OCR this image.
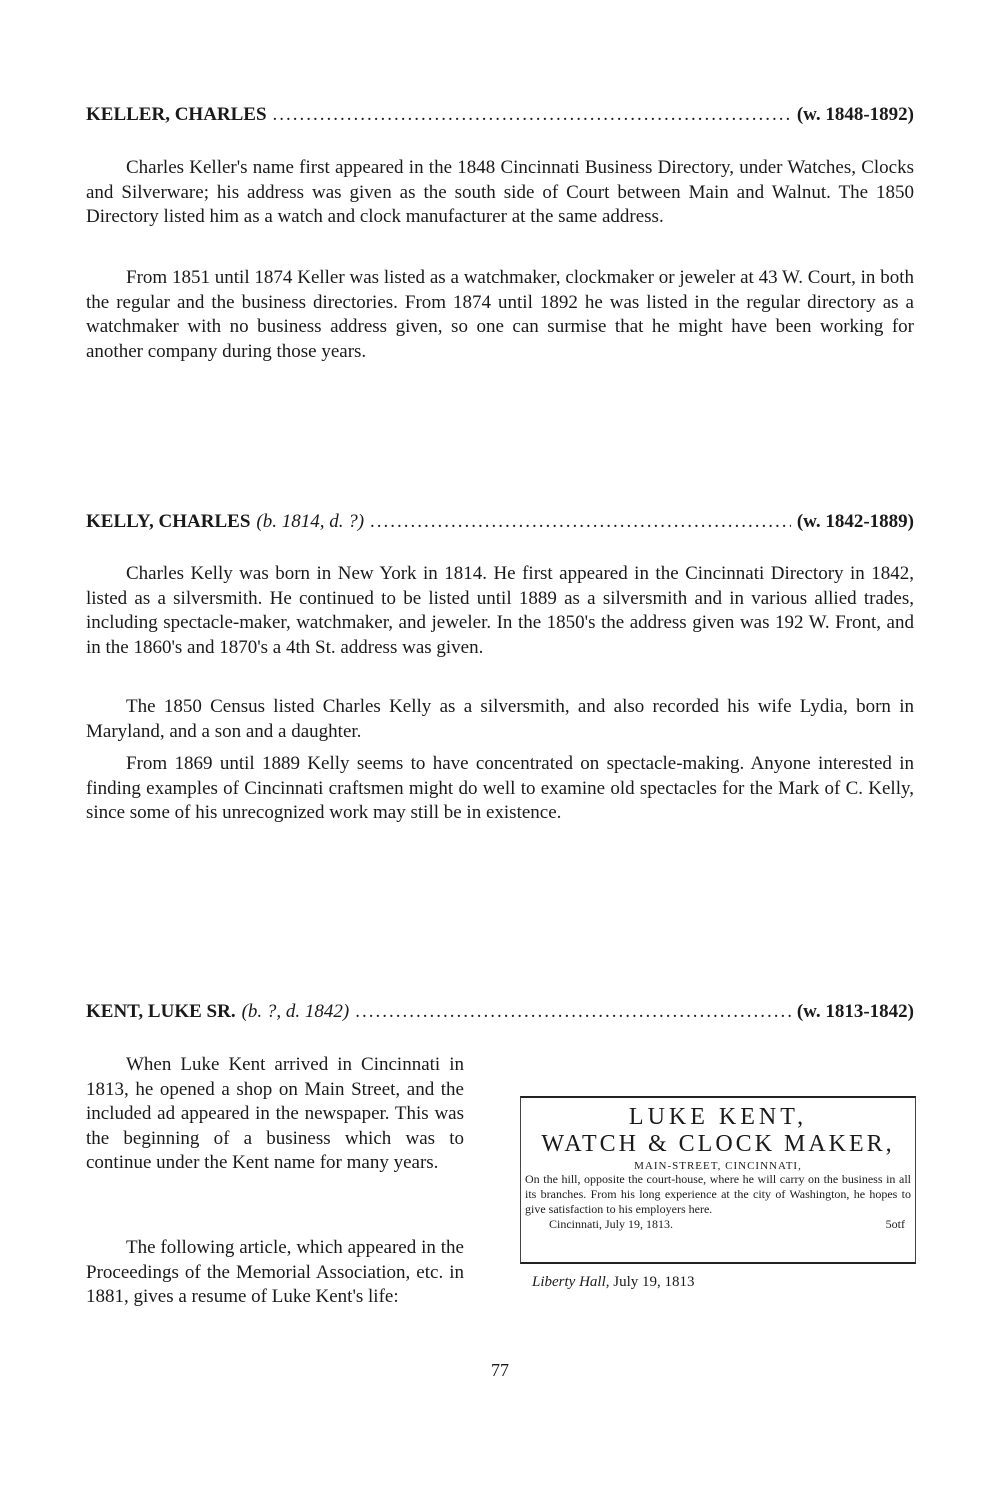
KELLER, CHARLES .....	(w. 1848-1892)

Charles Keller's name first appeared in the 1848 Cincinnati Business Directory, under Watches, Clocks and Silverware; his address was given as the south side of Court between Main and Walnut. The 1850 Directory listed him as a watch and clock manufacturer at the same address.

From 1851 until 1874 Keller was listed as a watchmaker, clockmaker or jeweler at 43 W. Court, in both the regular and the business directories. From 1874 until 1892 he was listed in the regular directory as a watchmaker with no business address given, so one can surmise that he might have been working for another company during those years.

KELLY, CHARLES (b. 1814, d. ?) .....	(w. 1842-1889)

Charles Kelly was born in New York in 1814. He first appeared in the Cincinnati Directory in 1842, listed as a silversmith. He continued to be listed until 1889 as a silversmith and in various allied trades, including spectacle-maker, watchmaker, and jeweler. In the 1850's the address given was 192 W. Front, and in the 1860's and 1870's a 4th St. address was given.

The 1850 Census listed Charles Kelly as a silversmith, and also recorded his wife Lydia, born in Maryland, and a son and a daughter.

From 1869 until 1889 Kelly seems to have concentrated on spectacle-making. Anyone interested in finding examples of Cincinnati craftsmen might do well to examine old spectacles for the Mark of C. Kelly, since some of his unrecognized work may still be in existence.

KENT, LUKE SR. (b. ?, d. 1842) .....	(w. 1813-1842)

When Luke Kent arrived in Cincinnati in 1813, he opened a shop on Main Street, and the included ad appeared in the newspaper. This was the beginning of a business which was to continue under the Kent name for many years.

The following article, which appeared in the Proceedings of the Memorial Association, etc. in 1881, gives a resume of Luke Kent's life:

LUKE KENT,
WATCH & CLOCK MAKER,
MAIN-STREET, CINCINNATI,
On the hill, opposite the court-house, where he will carry on the business in all its branches. From his long experience at the city of Washington, he hopes to give satisfaction to his employers here.
Cincinnati, July 19, 1813.	5otf
Liberty Hall, July 19, 1813
77
